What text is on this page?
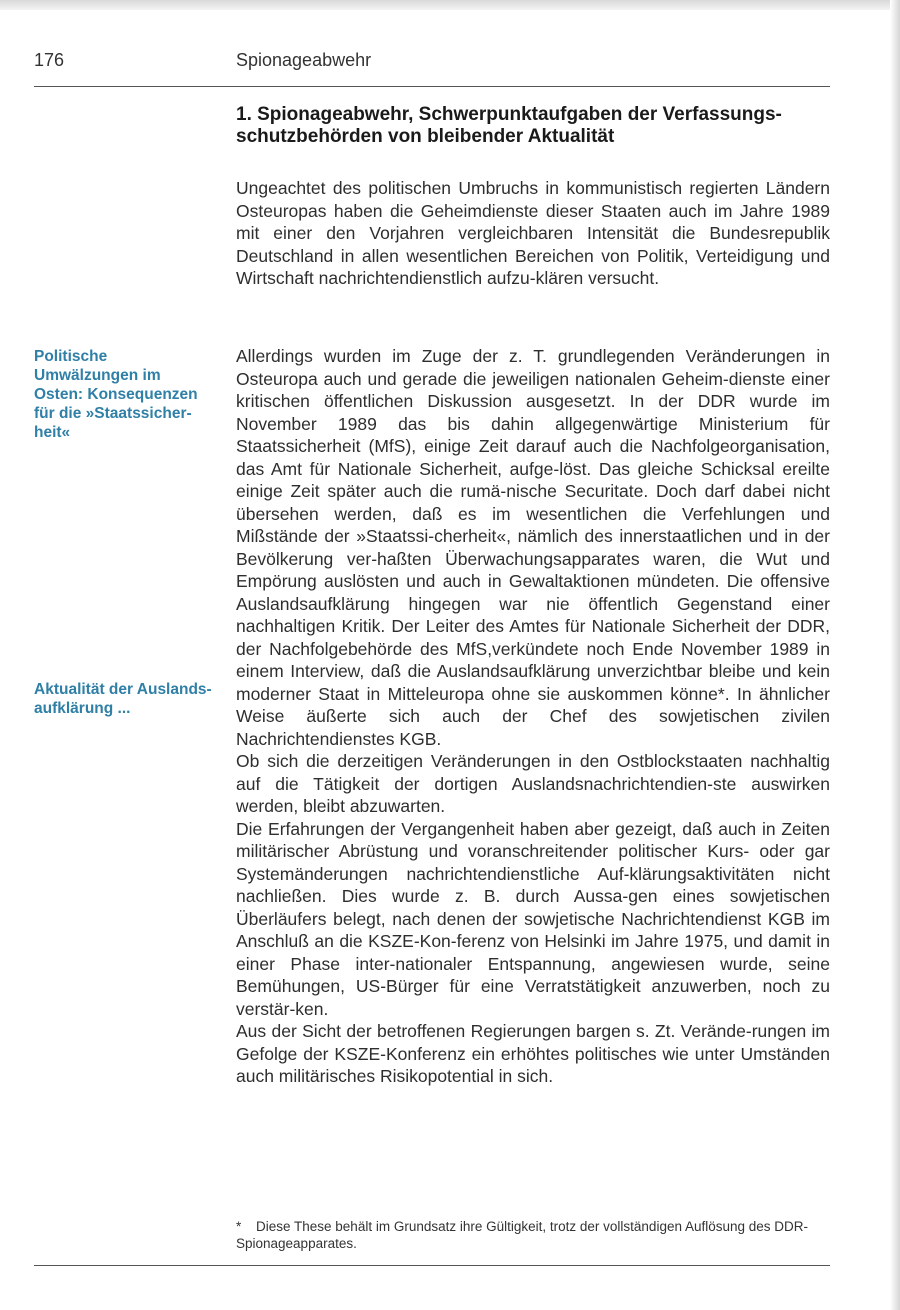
176	Spionageabwehr
1. Spionageabwehr, Schwerpunktaufgaben der Verfassungs-schutzbehörden von bleibender Aktualität

Ungeachtet des politischen Umbruchs in kommunistisch regierten Ländern Osteuropas haben die Geheimdienste dieser Staaten auch im Jahre 1989 mit einer den Vorjahren vergleichbaren Intensität die Bundesrepublik Deutschland in allen wesentlichen Bereichen von Politik, Verteidigung und Wirtschaft nachrichtendienstlich aufzu-klären versucht.

Allerdings wurden im Zuge der z. T. grundlegenden Veränderungen in Osteuropa auch und gerade die jeweiligen nationalen Geheim-dienste einer kritischen öffentlichen Diskussion ausgesetzt. In der DDR wurde im November 1989 das bis dahin allgegenwärtige Ministerium für Staatssicherheit (MfS), einige Zeit darauf auch die Nachfolgeorganisation, das Amt für Nationale Sicherheit, aufge-löst. Das gleiche Schicksal ereilte einige Zeit später auch die rumä-nische Securitate. Doch darf dabei nicht übersehen werden, daß es im wesentlichen die Verfehlungen und Mißstände der »Staatssi-cherheit«, nämlich des innerstaatlichen und in der Bevölkerung ver-haßten Überwachungsapparates waren, die Wut und Empörung auslösten und auch in Gewaltaktionen mündeten. Die offensive Auslandsaufklärung hingegen war nie öffentlich Gegenstand einer nachhaltigen Kritik. Der Leiter des Amtes für Nationale Sicherheit der DDR, der Nachfolgebehörde des MfS,verkündete noch Ende November 1989 in einem Interview, daß die Auslandsaufklärung unverzichtbar bleibe und kein moderner Staat in Mitteleuropa ohne sie auskommen könne*. In ähnlicher Weise äußerte sich auch der Chef des sowjetischen zivilen Nachrichtendienstes KGB.

Ob sich die derzeitigen Veränderungen in den Ostblockstaaten nachhaltig auf die Tätigkeit der dortigen Auslandsnachrichtendien-ste auswirken werden, bleibt abzuwarten.

Die Erfahrungen der Vergangenheit haben aber gezeigt, daß auch in Zeiten militärischer Abrüstung und voranschreitender politischer Kurs- oder gar Systemänderungen nachrichtendienstliche Auf-klärungsaktivitäten nicht nachließen. Dies wurde z. B. durch Aussa-gen eines sowjetischen Überläufers belegt, nach denen der sowjetische Nachrichtendienst KGB im Anschluß an die KSZE-Kon-ferenz von Helsinki im Jahre 1975, und damit in einer Phase inter-nationaler Entspannung, angewiesen wurde, seine Bemühungen, US-Bürger für eine Verratstätigkeit anzuwerben, noch zu verstär-ken.

Aus der Sicht der betroffenen Regierungen bargen s. Zt. Verände-rungen im Gefolge der KSZE-Konferenz ein erhöhtes politisches wie unter Umständen auch militärisches Risikopotential in sich.

Politische Umwälzungen im Osten: Konsequenzen für die »Staatssicher-heit«
Aktualität der Auslands-aufklärung ...
* Diese These behält im Grundsatz ihre Gültigkeit, trotz der vollständigen Auflösung des DDR-Spionageapparates.
